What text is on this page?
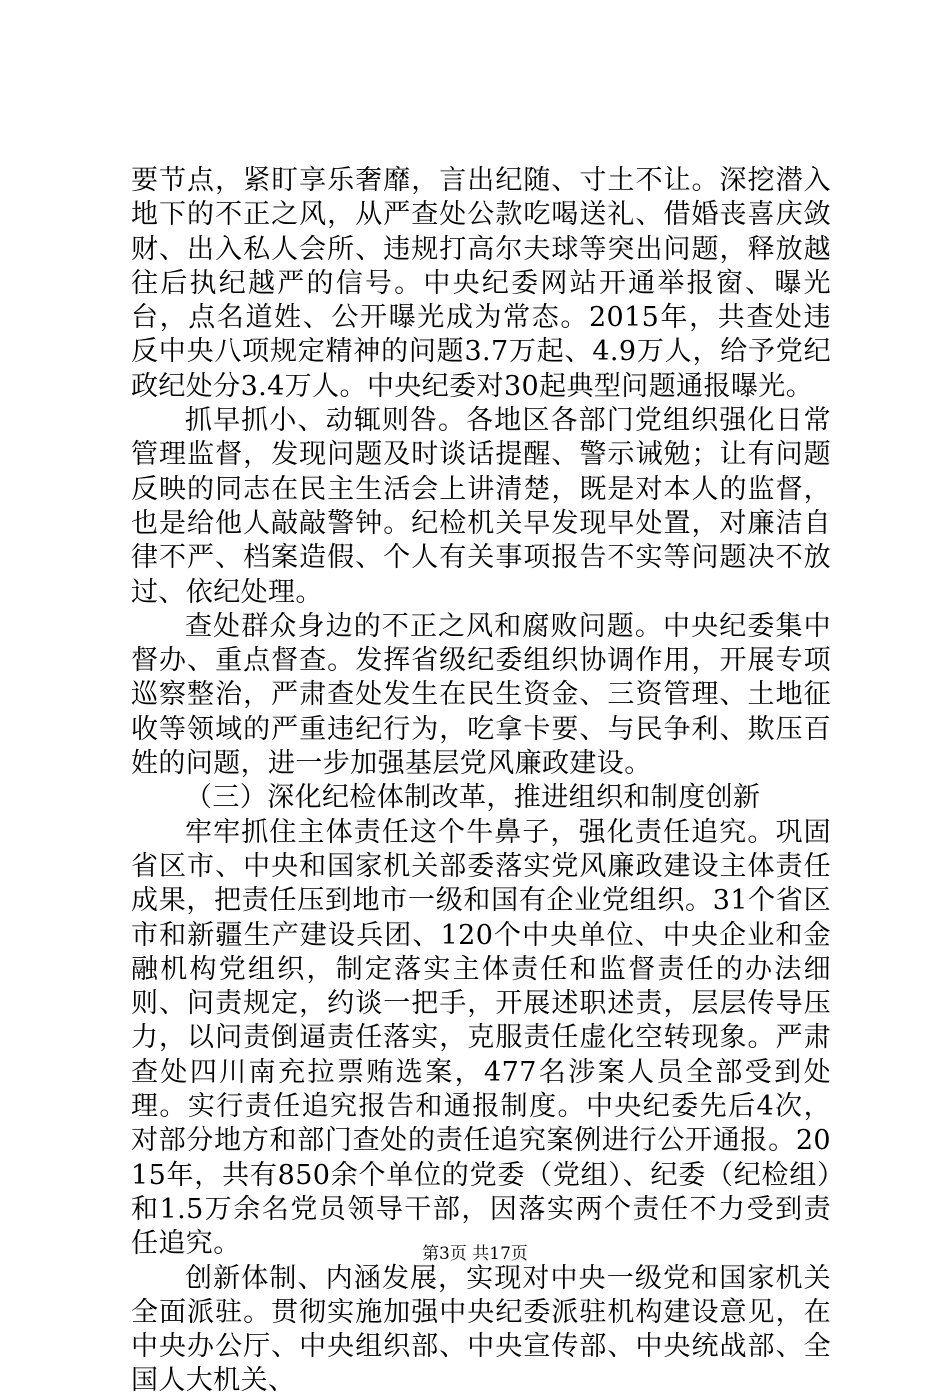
要节点，紧盯享乐奢靡，言出纪随、寸土不让。深挖潜入地下的不正之风，从严查处公款吃喝送礼、借婚丧喜庆敛财、出入私人会所、违规打高尔夫球等突出问题，释放越往后执纪越严的信号。中央纪委网站开通举报窗、曝光台，点名道姓、公开曝光成为常态。2015年，共查处违反中央八项规定精神的问题3.7万起、4.9万人，给予党纪政纪处分3.4万人。中央纪委对30起典型问题通报曝光。

抓早抓小、动辄则咎。各地区各部门党组织强化日常管理监督，发现问题及时谈话提醒、警示诫勉；让有问题反映的同志在民主生活会上讲清楚，既是对本人的监督，也是给他人敲敲警钟。纪检机关早发现早处置，对廉洁自律不严、档案造假、个人有关事项报告不实等问题决不放过、依纪处理。

查处群众身边的不正之风和腐败问题。中央纪委集中督办、重点督查。发挥省级纪委组织协调作用，开展专项巡察整治，严肃查处发生在民生资金、三资管理、土地征收等领域的严重违纪行为，吃拿卡要、与民争利、欺压百姓的问题，进一步加强基层党风廉政建设。

（三）深化纪检体制改革，推进组织和制度创新

牢牢抓住主体责任这个牛鼻子，强化责任追究。巩固省区市、中央和国家机关部委落实党风廉政建设主体责任成果，把责任压到地市一级和国有企业党组织。31个省区市和新疆生产建设兵团、120个中央单位、中央企业和金融机构党组织，制定落实主体责任和监督责任的办法细则、问责规定，约谈一把手，开展述职述责，层层传导压力，以问责倒逼责任落实，克服责任虚化空转现象。严肃查处四川南充拉票贿选案，477名涉案人员全部受到处理。实行责任追究报告和通报制度。中央纪委先后4次，对部分地方和部门查处的责任追究案例进行公开通报。2015年，共有850余个单位的党委（党组）、纪委（纪检组）和1.5万余名党员领导干部，因落实两个责任不力受到责任追究。

创新体制、内涵发展，实现对中央一级党和国家机关全面派驻。贯彻实施加强中央纪委派驻机构建设意见，在中央办公厅、中央组织部、中央宣传部、中央统战部、全国人大机关、

第3页 共17页
